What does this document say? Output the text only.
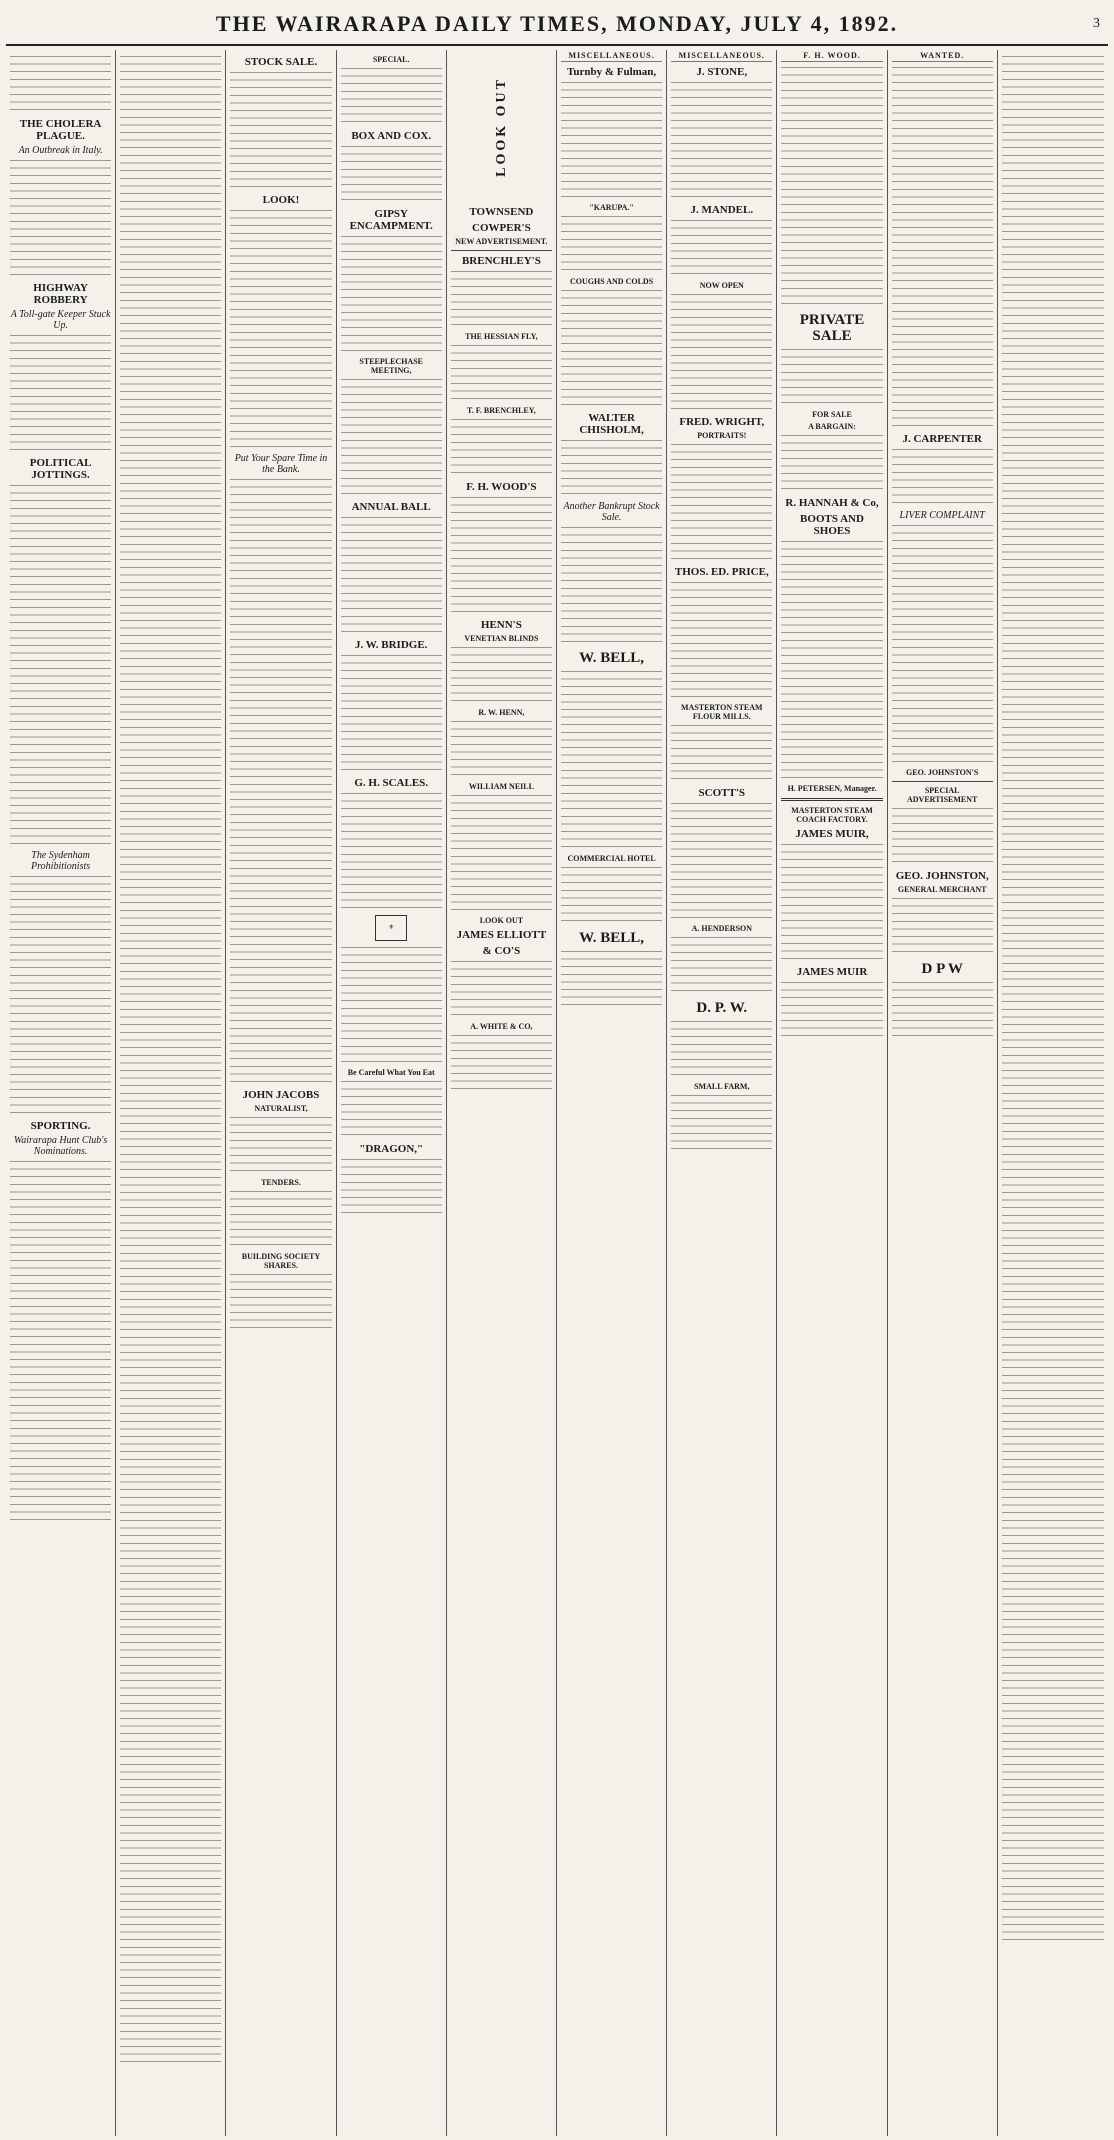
THE WAIRARAPA DAILY TIMES, MONDAY, JULY 4, 1892.	3
THE CHOLERA PLAGUE.
An Outbreak in Italy.
HIGHWAY ROBBERY
A Toll-gate Keeper Stuck Up.
POLITICAL JOTTINGS.
The Sydenham Prohibitionists
SPORTING.
Wairarapa Hunt Club's Nominations.
STOCK SALE.
LOOK!
Put Your Spare Time in the Bank.
JOHN JACOBS
NATURALIST,
TENDERS.
BUILDING SOCIETY SHARES.
SPECIAL.
BOX AND COX.
GIPSY ENCAMPMENT.
STEEPLECHASE MEETING,
ANNUAL BALL
J. W. BRIDGE.
G. H. SCALES.
⚜
Be Careful What You Eat
"DRAGON,"
LOOK OUT
TOWNSEND
COWPER'S
NEW ADVERTISEMENT.
BRENCHLEY'S
THE HESSIAN FLY,
T. F. BRENCHLEY,
F. H. WOOD'S
HENN'S
VENETIAN BLINDS
R. W. HENN,
WILLIAM NEILL
LOOK OUT
JAMES ELLIOTT
& CO'S
A. WHITE & CO,
MISCELLANEOUS.
Turnby & Fulman,
"KARUPA."
COUGHS AND COLDS
WALTER CHISHOLM,
Another Bankrupt Stock Sale.
W. BELL,
COMMERCIAL HOTEL
W. BELL,
MISCELLANEOUS.
J. STONE,
J. MANDEL.
NOW OPEN
FRED. WRIGHT,
PORTRAITS!
THOS. ED. PRICE,
MASTERTON STEAM FLOUR MILLS.
SCOTT'S
A. HENDERSON
D. P. W.
SMALL FARM,
F. H. WOOD.
PRIVATE SALE
FOR SALE
A BARGAIN:
R. HANNAH & Co,
BOOTS AND SHOES
H. PETERSEN, Manager.
MASTERTON STEAM COACH FACTORY.
JAMES MUIR,
JAMES MUIR
WANTED.
J. CARPENTER
LIVER COMPLAINT
GEO. JOHNSTON'S
SPECIAL ADVERTISEMENT
GEO. JOHNSTON,
GENERAL MERCHANT
D P W
